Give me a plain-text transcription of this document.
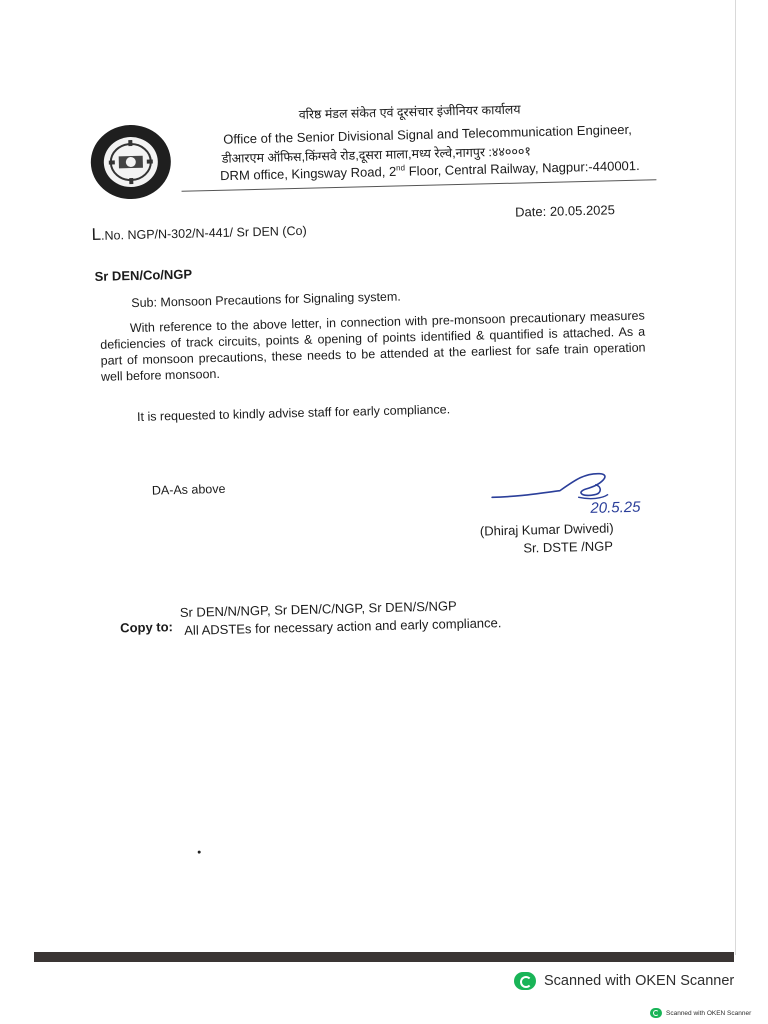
वरिष्ठ मंडल संकेत एवं दूरसंचार इंजीनियर कार्यालय
Office of the Senior Divisional Signal and Telecommunication Engineer,
डीआरएम ऑफिस,किंग्सवे रोड,दूसरा माला,मध्य रेल्वे,नागपुर :४४०००१
DRM office, Kingsway Road, 2nd Floor, Central Railway, Nagpur:-440001.
L.No. NGP/N-302/N-441/ Sr DEN (Co)
Date: 20.05.2025
Sr DEN/Co/NGP
Sub: Monsoon Precautions for Signaling system.
With reference to the above letter, in connection with pre-monsoon precautionary measures deficiencies of track circuits, points & opening of points identified & quantified is attached. As a part of monsoon precautions, these needs to be attended at the earliest for safe train operation well before monsoon.
It is requested to kindly advise staff for early compliance.
DA-As above
20.5.25
(Dhiraj Kumar Dwivedi)
Sr. DSTE /NGP
Copy to:
Sr DEN/N/NGP, Sr DEN/C/NGP, Sr DEN/S/NGP
All ADSTEs for necessary action and early compliance.
Scanned with OKEN Scanner
Scanned with OKEN Scanner
